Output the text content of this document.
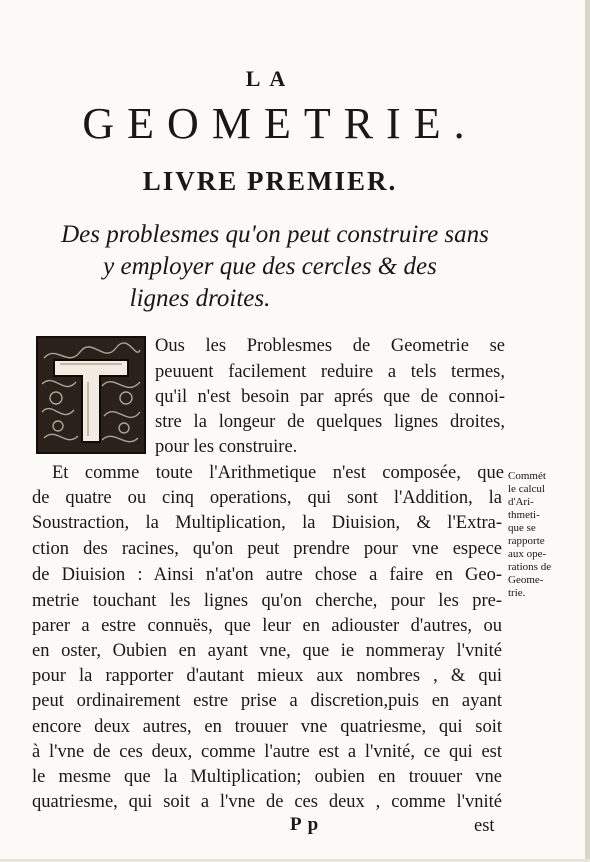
LA
GEOMETRIE.
LIVRE PREMIER.
Des problesmes qu'on peut construire sans
y employer que des cercles & des
lignes droites.
Ous les Problesmes de Geometrie se
peuuent facilement reduire a tels termes,
qu'il n'est besoin par aprés que de connoi-
stre la longeur de quelques lignes droites,
pour les construire.
Et comme toute l'Arithmetique n'est composée, que
de quatre ou cinq operations, qui sont l'Addition, la
Soustraction, la Multiplication, la Diuision, & l'Extra-
ction des racines, qu'on peut prendre pour vne espece
de Diuision : Ainsi n'at'on autre chose a faire en Geo-
metrie touchant les lignes qu'on cherche, pour les pre-
parer a estre connuës, que leur en adiouster d'autres, ou
en oster, Oubien en ayant vne, que ie nommeray l'vnité
pour la rapporter d'autant mieux aux nombres , & qui
peut ordinairement estre prise a discretion,puis en ayant
encore deux autres, en trouuer vne quatriesme, qui soit
à l'vne de ces deux, comme l'autre est a l'vnité, ce qui est
le mesme que la Multiplication; oubien en trouuer vne
quatriesme, qui soit a l'vne de ces deux , comme l'vnité
Commét
le calcul
d'Ari-
thmeti-
que se
rapporte
aux ope-
rations de
Geome-
trie.
Pp	est
